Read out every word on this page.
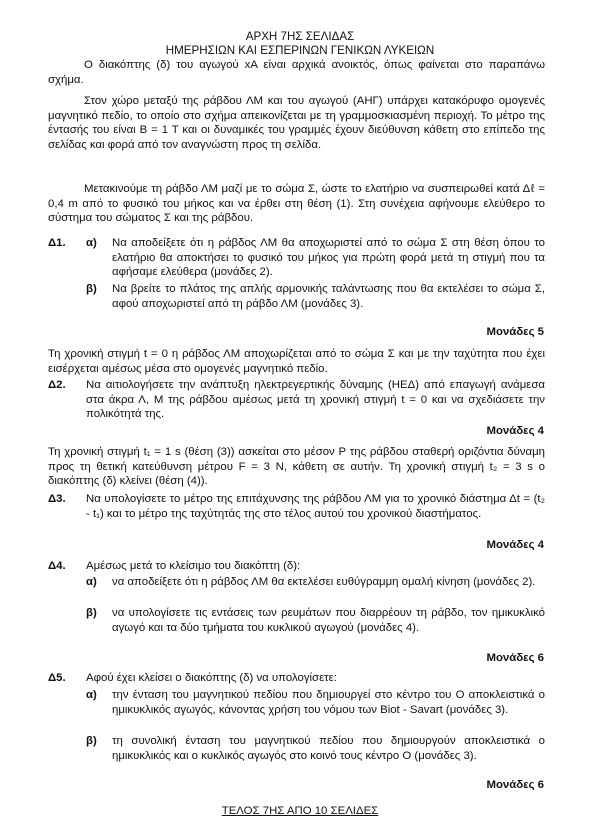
ΑΡΧΗ 7ΗΣ ΣΕΛΙΔΑΣ
ΗΜΕΡΗΣΙΩΝ ΚΑΙ ΕΣΠΕΡΙΝΩΝ ΓΕΝΙΚΩΝ ΛΥΚΕΙΩΝ
Ο διακόπτης (δ) του αγωγού xA είναι αρχικά ανοικτός, όπως φαίνεται στο παραπάνω σχήμα.
Στον χώρο μεταξύ της ράβδου ΛΜ και του αγωγού (ΑΗΓ) υπάρχει κατακόρυφο ομογενές μαγνητικό πεδίο, το οποίο στο σχήμα απεικονίζεται με τη γραμμοσκιασμένη περιοχή. Το μέτρο της έντασής του είναι Β = 1 Τ και οι δυναμικές του γραμμές έχουν διεύθυνση κάθετη στο επίπεδο της σελίδας και φορά από τον αναγνώστη προς τη σελίδα.
Μετακινούμε τη ράβδο ΛΜ μαζί με το σώμα Σ, ώστε το ελατήριο να συσπειρωθεί κατά Δℓ = 0,4 m από το φυσικό του μήκος και να έρθει στη θέση (1). Στη συνέχεια αφήνουμε ελεύθερο το σύστημα του σώματος Σ και της ράβδου.
Δ1. α) Να αποδείξετε ότι η ράβδος ΛΜ θα αποχωριστεί από το σώμα Σ στη θέση όπου το ελατήριο θα αποκτήσει το φυσικό του μήκος για πρώτη φορά μετά τη στιγμή που τα αφήσαμε ελεύθερα (μονάδες 2).
β) Να βρείτε το πλάτος της απλής αρμονικής ταλάντωσης που θα εκτελέσει το σώμα Σ, αφού αποχωριστεί από τη ράβδο ΛΜ (μονάδες 3).
Μονάδες 5
Τη χρονική στιγμή t = 0 η ράβδος ΛΜ αποχωρίζεται από το σώμα Σ και με την ταχύτητα που έχει εισέρχεται αμέσως μέσα στο ομογενές μαγνητικό πεδίο.
Δ2. Να αιτιολογήσετε την ανάπτυξη ηλεκτρεγερτικής δύναμης (ΗΕΔ) από επαγωγή ανάμεσα στα άκρα Λ, Μ της ράβδου αμέσως μετά τη χρονική στιγμή t = 0 και να σχεδιάσετε την πολικότητά της.
Μονάδες 4
Τη χρονική στιγμή t₁ = 1 s (θέση (3)) ασκείται στο μέσον Ρ της ράβδου σταθερή οριζόντια δύναμη προς τη θετική κατεύθυνση μέτρου F = 3 N, κάθετη σε αυτήν. Τη χρονική στιγμή t₂ = 3 s ο διακόπτης (δ) κλείνει (θέση (4)).
Δ3. Να υπολογίσετε το μέτρο της επιτάχυνσης της ράβδου ΛΜ για το χρονικό διάστημα Δt = (t₂ - t₁) και το μέτρο της ταχύτητάς της στο τέλος αυτού του χρονικού διαστήματος.
Μονάδες 4
Δ4. Αμέσως μετά το κλείσιμο του διακόπτη (δ):
α) να αποδείξετε ότι η ράβδος ΛΜ θα εκτελέσει ευθύγραμμη ομαλή κίνηση (μονάδες 2).
β) να υπολογίσετε τις εντάσεις των ρευμάτων που διαρρέουν τη ράβδο, τον ημικυκλικό αγωγό και τα δύο τμήματα του κυκλικού αγωγού (μονάδες 4).
Μονάδες 6
Δ5. Αφού έχει κλείσει ο διακόπτης (δ) να υπολογίσετε:
α) την ένταση του μαγνητικού πεδίου που δημιουργεί στο κέντρο του Ο αποκλειστικά ο ημικυκλικός αγωγός, κάνοντας χρήση του νόμου των Biot - Savart (μονάδες 3).
β) τη συνολική ένταση του μαγνητικού πεδίου που δημιουργούν αποκλειστικά ο ημικυκλικός και ο κυκλικός αγωγός στο κοινό τους κέντρο Ο (μονάδες 3).
Μονάδες 6
ΤΕΛΟΣ 7ΗΣ ΑΠΟ 10 ΣΕΛΙΔΕΣ
